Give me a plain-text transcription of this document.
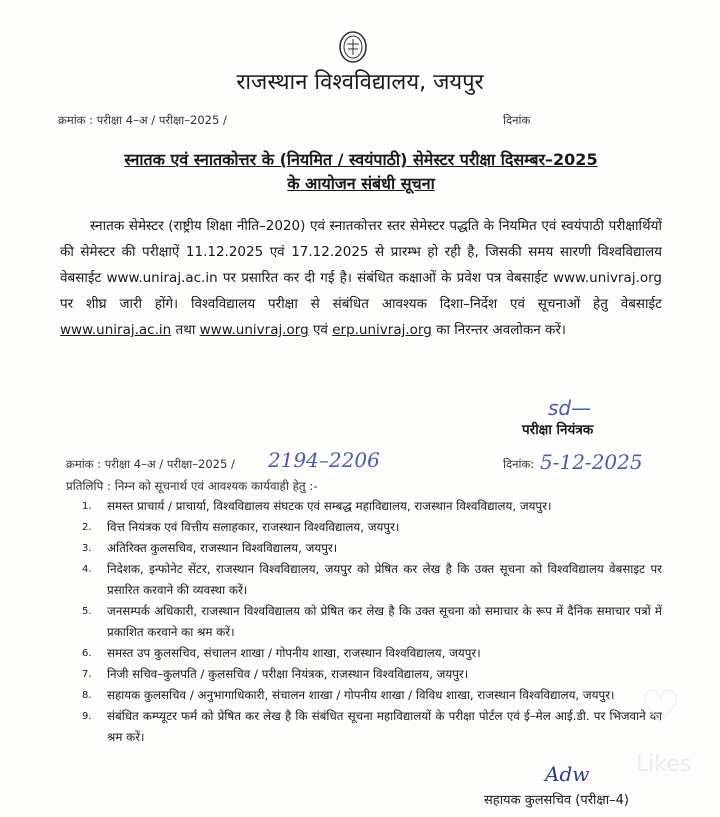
राजस्थान विश्वविद्यालय, जयपुर
क्रमांक : परीक्षा 4–अ / परीक्षा–2025 /	दिनांक
स्नातक एवं स्नातकोत्तर के (नियमित / स्वयंपाठी) सेमेस्टर परीक्षा दिसम्बर–2025
के आयोजन संबंधी सूचना
स्नातक सेमेस्टर (राष्ट्रीय शिक्षा नीति–2020) एवं स्नातकोत्तर स्तर सेमेस्टर पद्धति के नियमित एवं स्वयंपाठी परीक्षार्थियों की सेमेस्टर की परीक्षाऐं 11.12.2025 एवं 17.12.2025 से प्रारम्भ हो रही है, जिसकी समय सारणी विश्वविद्यालय वेबसाईट www.uniraj.ac.in पर प्रसारित कर दी गई है। संबंधित कक्षाओं के प्रवेश पत्र वेबसाईट www.univraj.org पर शीघ्र जारी होंगे। विश्वविद्यालय परीक्षा से संबंधित आवश्यक दिशा–निर्देश एवं सूचनाओं हेतु वेबसाईट www.uniraj.ac.in तथा www.univraj.org एवं erp.univraj.org का निरन्तर अवलोकन करें।
sd—
परीक्षा नियंत्रक
क्रमांक : परीक्षा 4–अ / परीक्षा–2025 / 2194–2206	दिनांक: 5-12-2025
प्रतिलिपि : निम्न को सूचनार्थ एवं आवश्यक कार्यवाही हेतु :-
1.	समस्त प्राचार्य / प्राचार्या, विश्वविद्यालय संघटक एवं सम्बद्ध महाविद्यालय, राजस्थान विश्वविद्यालय, जयपुर।
2.	वित्त नियंत्रक एवं वित्तीय सलाहकार, राजस्थान विश्वविद्यालय, जयपुर।
3.	अतिरिक्त कुलसचिव, राजस्थान विश्वविद्यालय, जयपुर।
4.	निदेशक, इन्फोनेट सेंटर, राजस्थान विश्वविद्यालय, जयपुर को प्रेषित कर लेख है कि उक्त सूचना को विश्वविद्यालय वेबसाइट पर प्रसारित करवाने की व्यवस्था करें।
5.	जनसम्पर्क अधिकारी, राजस्थान विश्वविद्यालय को प्रेषित कर लेख है कि उक्त सूचना को समाचार के रूप में दैनिक समाचार पत्रों में प्रकाशित करवाने का श्रम करें।
6.	समस्त उप कुलसचिव, संचालन शाखा / गोपनीय शाखा, राजस्थान विश्वविद्यालय, जयपुर।
7.	निजी सचिव–कुलपति / कुलसचिव / परीक्षा नियंत्रक, राजस्थान विश्वविद्यालय, जयपुर।
8.	सहायक कुलसचिव / अनुभागाधिकारी, संचालन शाखा / गोपनीय शाखा / विविध शाखा, राजस्थान विश्वविद्यालय, जयपुर।
9.	संबंधित कम्प्यूटर फर्म को प्रेषित कर लेख है कि संबंधित सूचना महाविद्यालयों के परीक्षा पोर्टल एवं ई–मेल आई.डी. पर भिजवाने का श्रम करें।
♡
Likes
Adw
सहायक कुलसचिव (परीक्षा–4)
